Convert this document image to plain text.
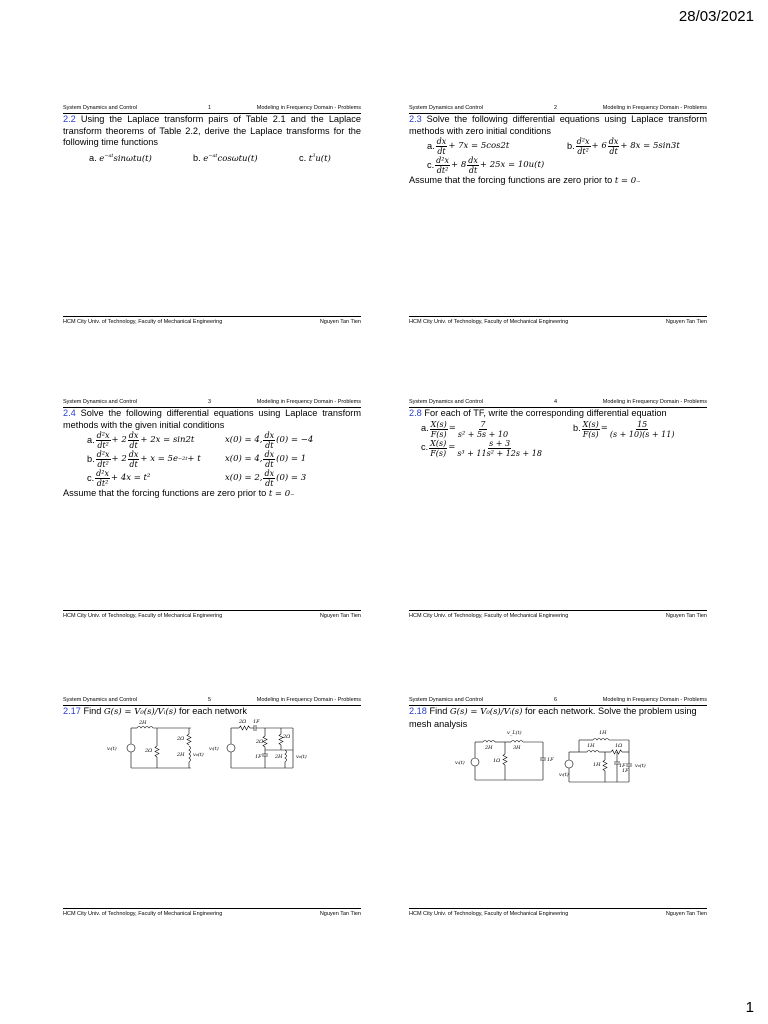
28/03/2021
1
System Dynamics and Control	1	Modeling in Frequency Domain - Problems
2.2 Using the Laplace transform pairs of Table 2.1 and the Laplace transform theorems of Table 2.2, derive the Laplace transforms for the following time functions
a. $e^{-at}\sin\omega tu(t)$	b. $e^{-at}\cos\omega tu(t)$	c. $t^3u(t)$
HCM City Univ. of Technology, Faculty of Mechanical Engineering	Nguyen Tan Tien
System Dynamics and Control	2	Modeling in Frequency Domain - Problems
2.3 Solve the following differential equations using Laplace transform methods with zero initial conditions
a. $\frac{dx}{dt} + 7x = 5\cos 2t$	b. $\frac{\text{d²x}}{\text{dt²}} + 6 \frac{dx}{dt} + 8x = 5\sin 3t$
c. $\frac{\text{d²x}}{\text{dt²}} + 8 \frac{dx}{dt} + 25x = 10u(t)$
Assume that the forcing functions are zero prior to t = 0₋
HCM City Univ. of Technology, Faculty of Mechanical Engineering	Nguyen Tan Tien
System Dynamics and Control	3	Modeling in Frequency Domain - Problems
2.4 Solve the following differential equations using Laplace transform methods with the given initial conditions
a. $\frac{\text{d²x}}{\text{dt²}} + 2 \frac{dx}{dt} + 2x = \sin 2t$	x(0) = 4, $\frac{dx}{dt} (0) = -4$
b. $\frac{\text{d²x}}{\text{dt²}} + 2 \frac{dx}{dt} + x = 5e -2t + t$	x(0) = 4, $\frac{dx}{dt} (0) = 1$
c. $\frac{\text{d²x}}{\text{dt²}} + 4x = t^2$	x(0) = 2, $\frac{dx}{dt} (0) = 3$
Assume that the forcing functions are zero prior to t = 0₋
HCM City Univ. of Technology, Faculty of Mechanical Engineering	Nguyen Tan Tien
System Dynamics and Control	4	Modeling in Frequency Domain - Problems
2.8 For each of TF, write the corresponding differential equation
a. $\frac{X(s)}{F(s)} = \frac{7}{\text{s² + 5s + 10}}$	b. $\frac{X(s)}{F(s)} = \frac{15}{(s + 10)(s + 11)}$
c. $\frac{X(s)}{F(s)} = \frac{s + 3}{\text{s³ + 11s² + 12s + 18}}$
HCM City Univ. of Technology, Faculty of Mechanical Engineering	Nguyen Tan Tien
System Dynamics and Control	5	Modeling in Frequency Domain - Problems
2.17 Find G(s) = V₀(s)/Vᵢ(s) for each network
2H
vᵢ(t)	2Ω
2Ω
2H v₀(t)
2Ω 1F
vᵢ(t)
2Ω
2Ω
1F	2H	v₀(t)
HCM City Univ. of Technology, Faculty of Mechanical Engineering	Nguyen Tan Tien
System Dynamics and Control	6	Modeling in Frequency Domain - Problems
2.18 Find G(s) = V₀(s)/Vᵢ(s) for each network. Solve the problem using mesh analysis
v_L(t)
2H	3H
vᵢ(t)	1Ω	1F
1H
1H	1Ω
vᵢ(t)
1H	1F
1F
v₀(t)
HCM City Univ. of Technology, Faculty of Mechanical Engineering	Nguyen Tan Tien
